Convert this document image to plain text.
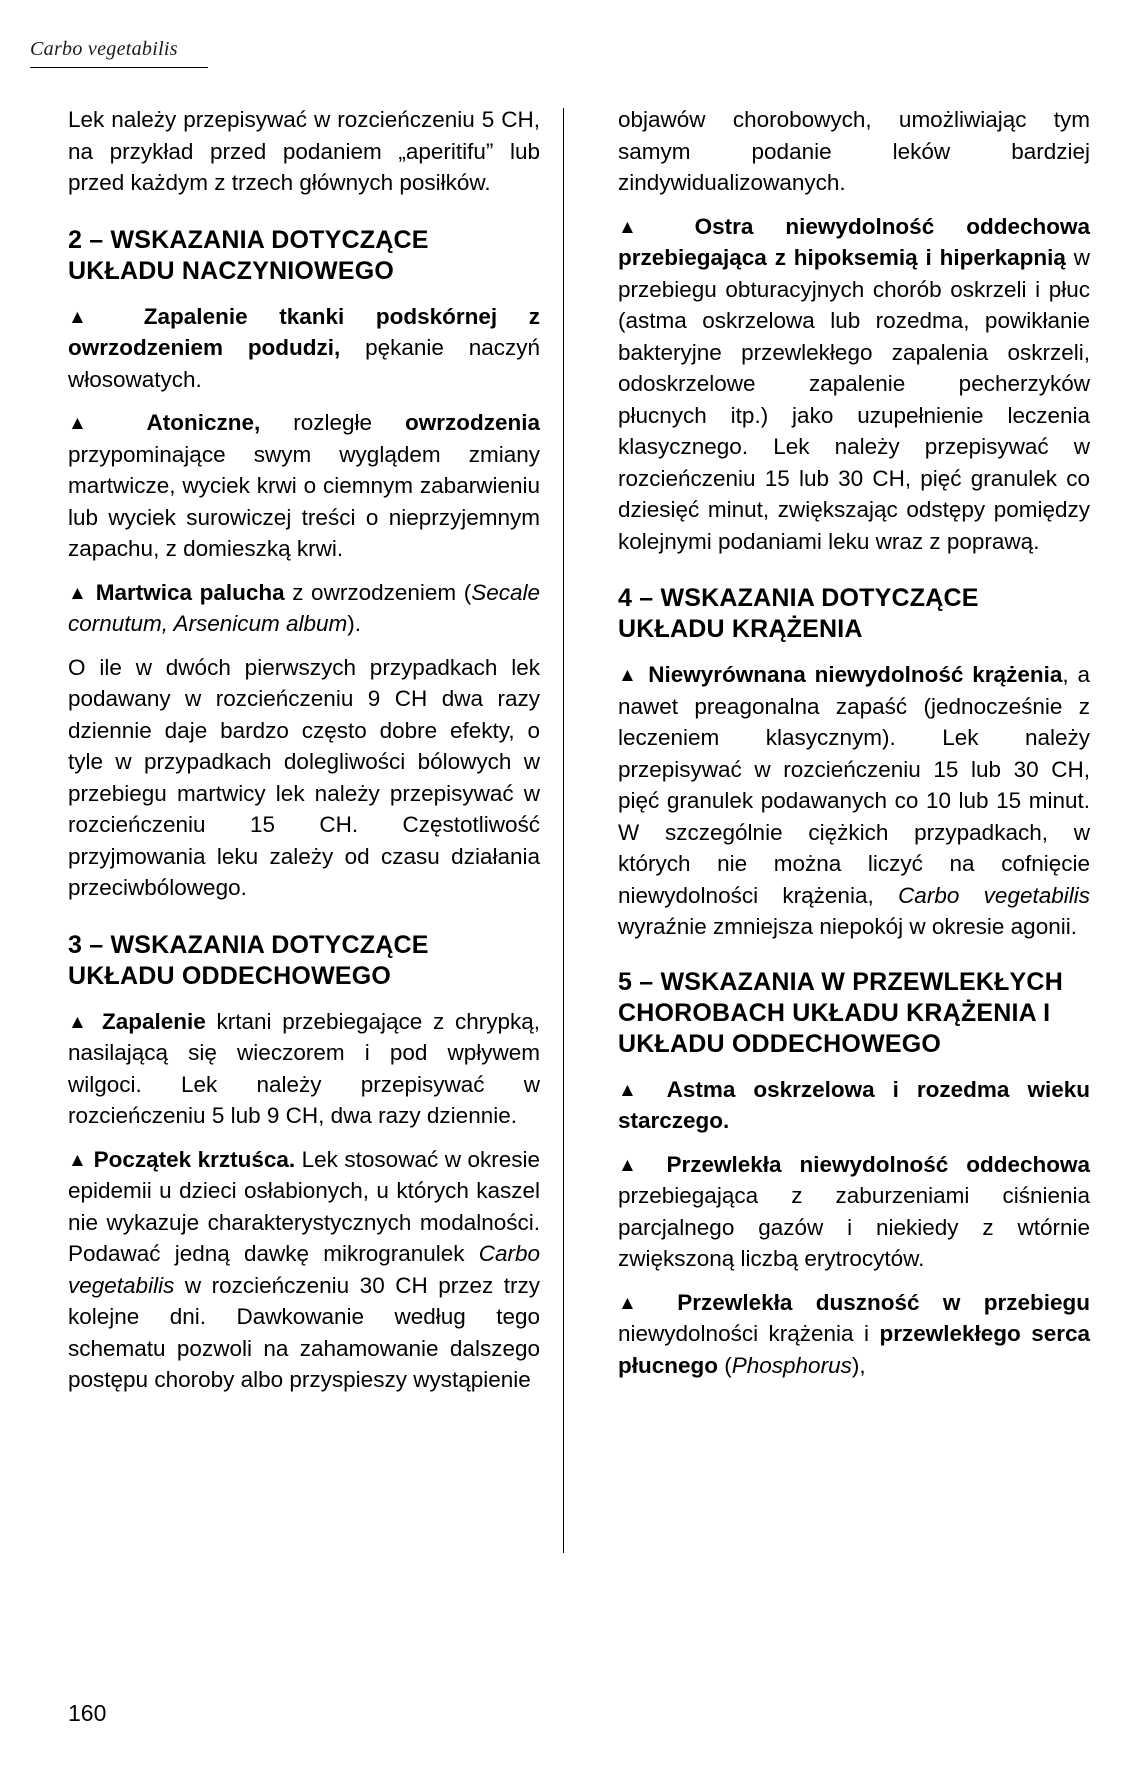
Carbo vegetabilis

Lek należy przepisywać w rozcieńczeniu 5 CH, na przykład przed podaniem „aperitifu” lub przed każdym z trzech głównych posiłków.

2 – WSKAZANIA DOTYCZĄCE UKŁADU NACZYNIOWEGO

▲ Zapalenie tkanki podskórnej z owrzodzeniem podudzi, pękanie naczyń włosowatych.

▲ Atoniczne, rozległe owrzodzenia przypominające swym wyglądem zmiany martwicze, wyciek krwi o ciemnym zabarwieniu lub wyciek surowiczej treści o nieprzyjemnym zapachu, z domieszką krwi.

▲ Martwica palucha z owrzodzeniem (Secale cornutum, Arsenicum album).

O ile w dwóch pierwszych przypadkach lek podawany w rozcieńczeniu 9 CH dwa razy dziennie daje bardzo często dobre efekty, o tyle w przypadkach dolegliwości bólowych w przebiegu martwicy lek należy przepisywać w rozcieńczeniu 15 CH. Częstotliwość przyjmowania leku zależy od czasu działania przeciwbólowego.

3 – WSKAZANIA DOTYCZĄCE UKŁADU ODDECHOWEGO

▲ Zapalenie krtani przebiegające z chrypką, nasilającą się wieczorem i pod wpływem wilgoci. Lek należy przepisywać w rozcieńczeniu 5 lub 9 CH, dwa razy dziennie.

▲ Początek krztuśca. Lek stosować w okresie epidemii u dzieci osłabionych, u których kaszel nie wykazuje charakterystycznych modalności. Podawać jedną dawkę mikrogranulek Carbo vegetabilis w rozcieńczeniu 30 CH przez trzy kolejne dni. Dawkowanie według tego schematu pozwoli na zahamowanie dalszego postępu choroby albo przyspieszy wystąpienie

objawów chorobowych, umożliwiając tym samym podanie leków bardziej zindywidualizowanych.

▲ Ostra niewydolność oddechowa przebiegająca z hipoksemią i hiperkapnią w przebiegu obturacyjnych chorób oskrzeli i płuc (astma oskrzelowa lub rozedma, powikłanie bakteryjne przewlekłego zapalenia oskrzeli, odoskrzelowe zapalenie pecherzyków płucnych itp.) jako uzupełnienie leczenia klasycznego. Lek należy przepisywać w rozcieńczeniu 15 lub 30 CH, pięć granulek co dziesięć minut, zwiększając odstępy pomiędzy kolejnymi podaniami leku wraz z poprawą.

4 – WSKAZANIA DOTYCZĄCE UKŁADU KRĄŻENIA

▲ Niewyrównana niewydolność krążenia, a nawet preagonalna zapaść (jednocześnie z leczeniem klasycznym). Lek należy przepisywać w rozcieńczeniu 15 lub 30 CH, pięć granulek podawanych co 10 lub 15 minut. W szczególnie ciężkich przypadkach, w których nie można liczyć na cofnięcie niewydolności krążenia, Carbo vegetabilis wyraźnie zmniejsza niepokój w okresie agonii.

5 – WSKAZANIA W PRZEWLEKŁYCH CHOROBACH UKŁADU KRĄŻENIA I UKŁADU ODDECHOWEGO

▲ Astma oskrzelowa i rozedma wieku starczego.

▲ Przewlekła niewydolność oddechowa przebiegająca z zaburzeniami ciśnienia parcjalnego gazów i niekiedy z wtórnie zwiększoną liczbą erytrocytów.

▲ Przewlekła duszność w przebiegu niewydolności krążenia i przewlekłego serca płucnego (Phosphorus),

160
